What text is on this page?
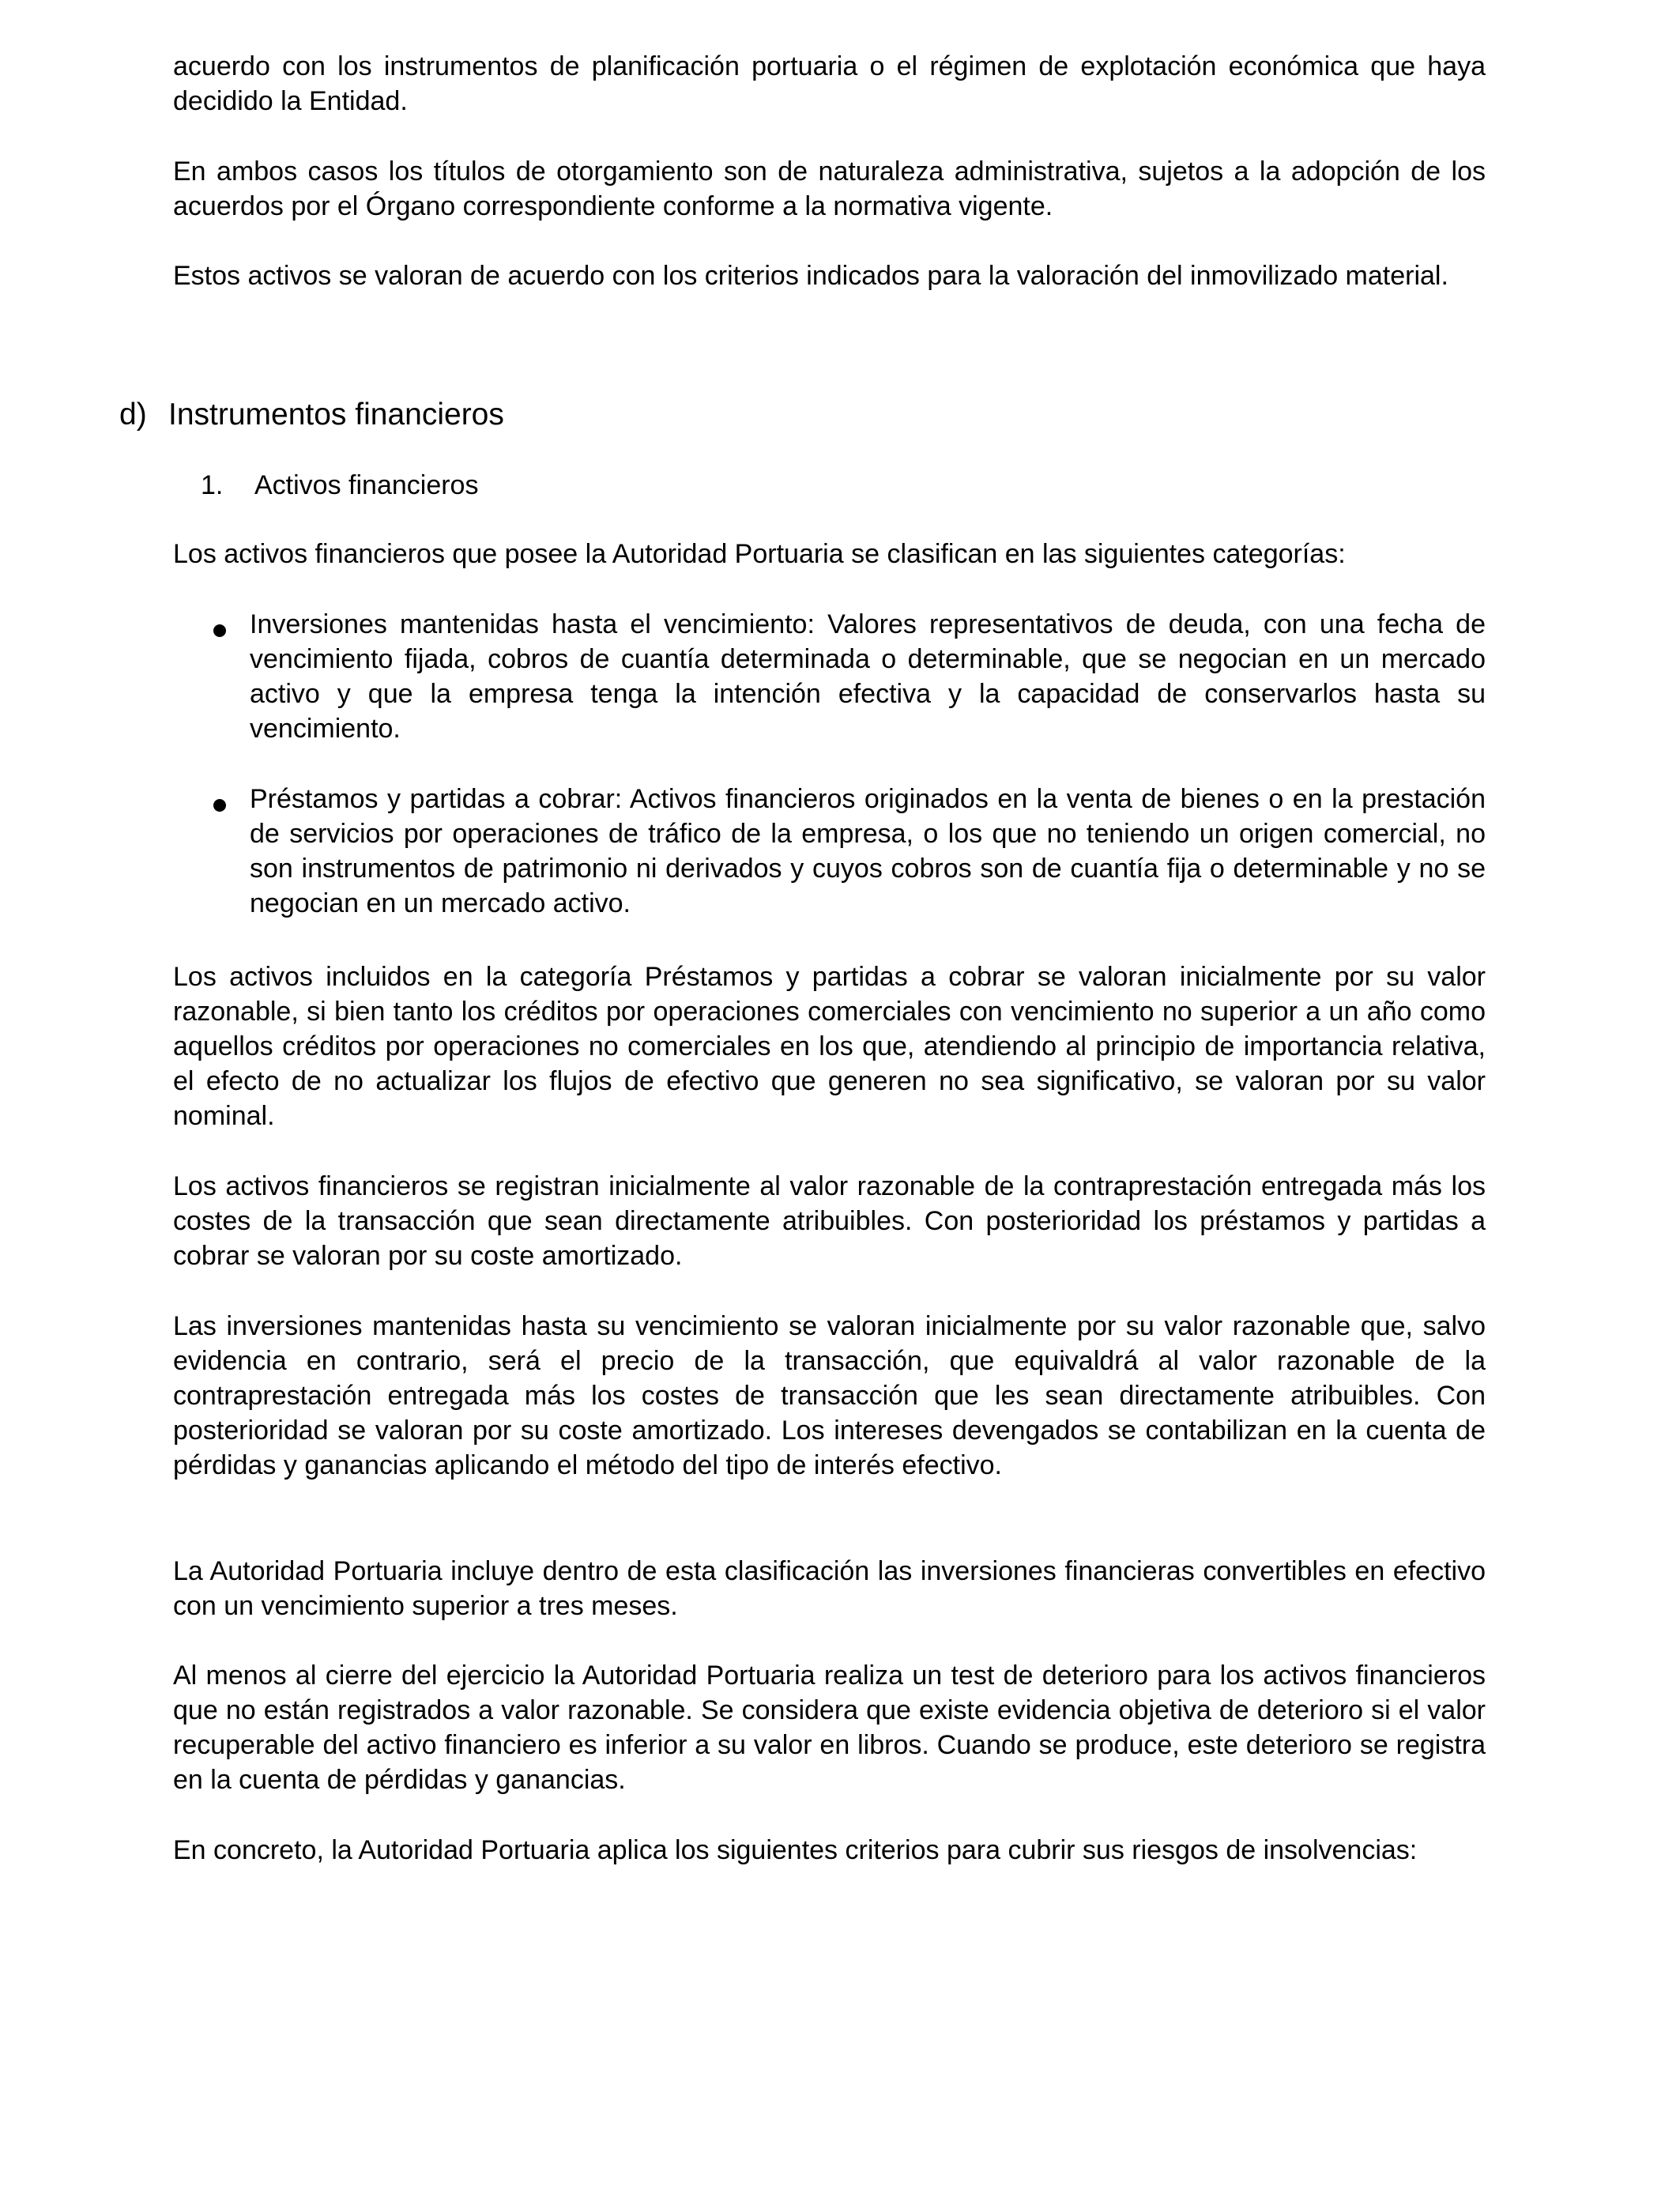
acuerdo con los instrumentos de planificación portuaria o el régimen de explotación económica que haya decidido la Entidad.

En ambos casos los títulos de otorgamiento son de naturaleza administrativa, sujetos a la adopción de los acuerdos por el Órgano correspondiente conforme a la normativa vigente.

Estos activos se valoran de acuerdo con los criterios indicados para la valoración del inmovilizado material.

d) Instrumentos financieros
1. Activos financieros

Los activos financieros que posee la Autoridad Portuaria se clasifican en las siguientes categorías:

Inversiones mantenidas hasta el vencimiento: Valores representativos de deuda, con una fecha de vencimiento fijada, cobros de cuantía determinada o determinable, que se negocian en un mercado activo y que la empresa tenga la intención efectiva y la capacidad de conservarlos hasta su vencimiento.

Préstamos y partidas a cobrar: Activos financieros originados en la venta de bienes o en la prestación de servicios por operaciones de tráfico de la empresa, o los que no teniendo un origen comercial, no son instrumentos de patrimonio ni derivados y cuyos cobros son de cuantía fija o determinable y no se negocian en un mercado activo.

Los activos incluidos en la categoría Préstamos y partidas a cobrar se valoran inicialmente por su valor razonable, si bien tanto los créditos por operaciones comerciales con vencimiento no superior a un año como aquellos créditos por operaciones no comerciales en los que, atendiendo al principio de importancia relativa, el efecto de no actualizar los flujos de efectivo que generen no sea significativo, se valoran por su valor nominal.

Los activos financieros se registran inicialmente al valor razonable de la contraprestación entregada más los costes de la transacción que sean directamente atribuibles. Con posterioridad los préstamos y partidas a cobrar se valoran por su coste amortizado.

Las inversiones mantenidas hasta su vencimiento se valoran inicialmente por su valor razonable que, salvo evidencia en contrario, será el precio de la transacción, que equivaldrá al valor razonable de la contraprestación entregada más los costes de transacción que les sean directamente atribuibles. Con posterioridad se valoran por su coste amortizado. Los intereses devengados se contabilizan en la cuenta de pérdidas y ganancias aplicando el método del tipo de interés efectivo.

La Autoridad Portuaria incluye dentro de esta clasificación las inversiones financieras convertibles en efectivo con un vencimiento superior a tres meses.

Al menos al cierre del ejercicio la Autoridad Portuaria realiza un test de deterioro para los activos financieros que no están registrados a valor razonable. Se considera que existe evidencia objetiva de deterioro si el valor recuperable del activo financiero es inferior a su valor en libros. Cuando se produce, este deterioro se registra en la cuenta de pérdidas y ganancias.

En concreto, la Autoridad Portuaria aplica los siguientes criterios para cubrir sus riesgos de insolvencias:
